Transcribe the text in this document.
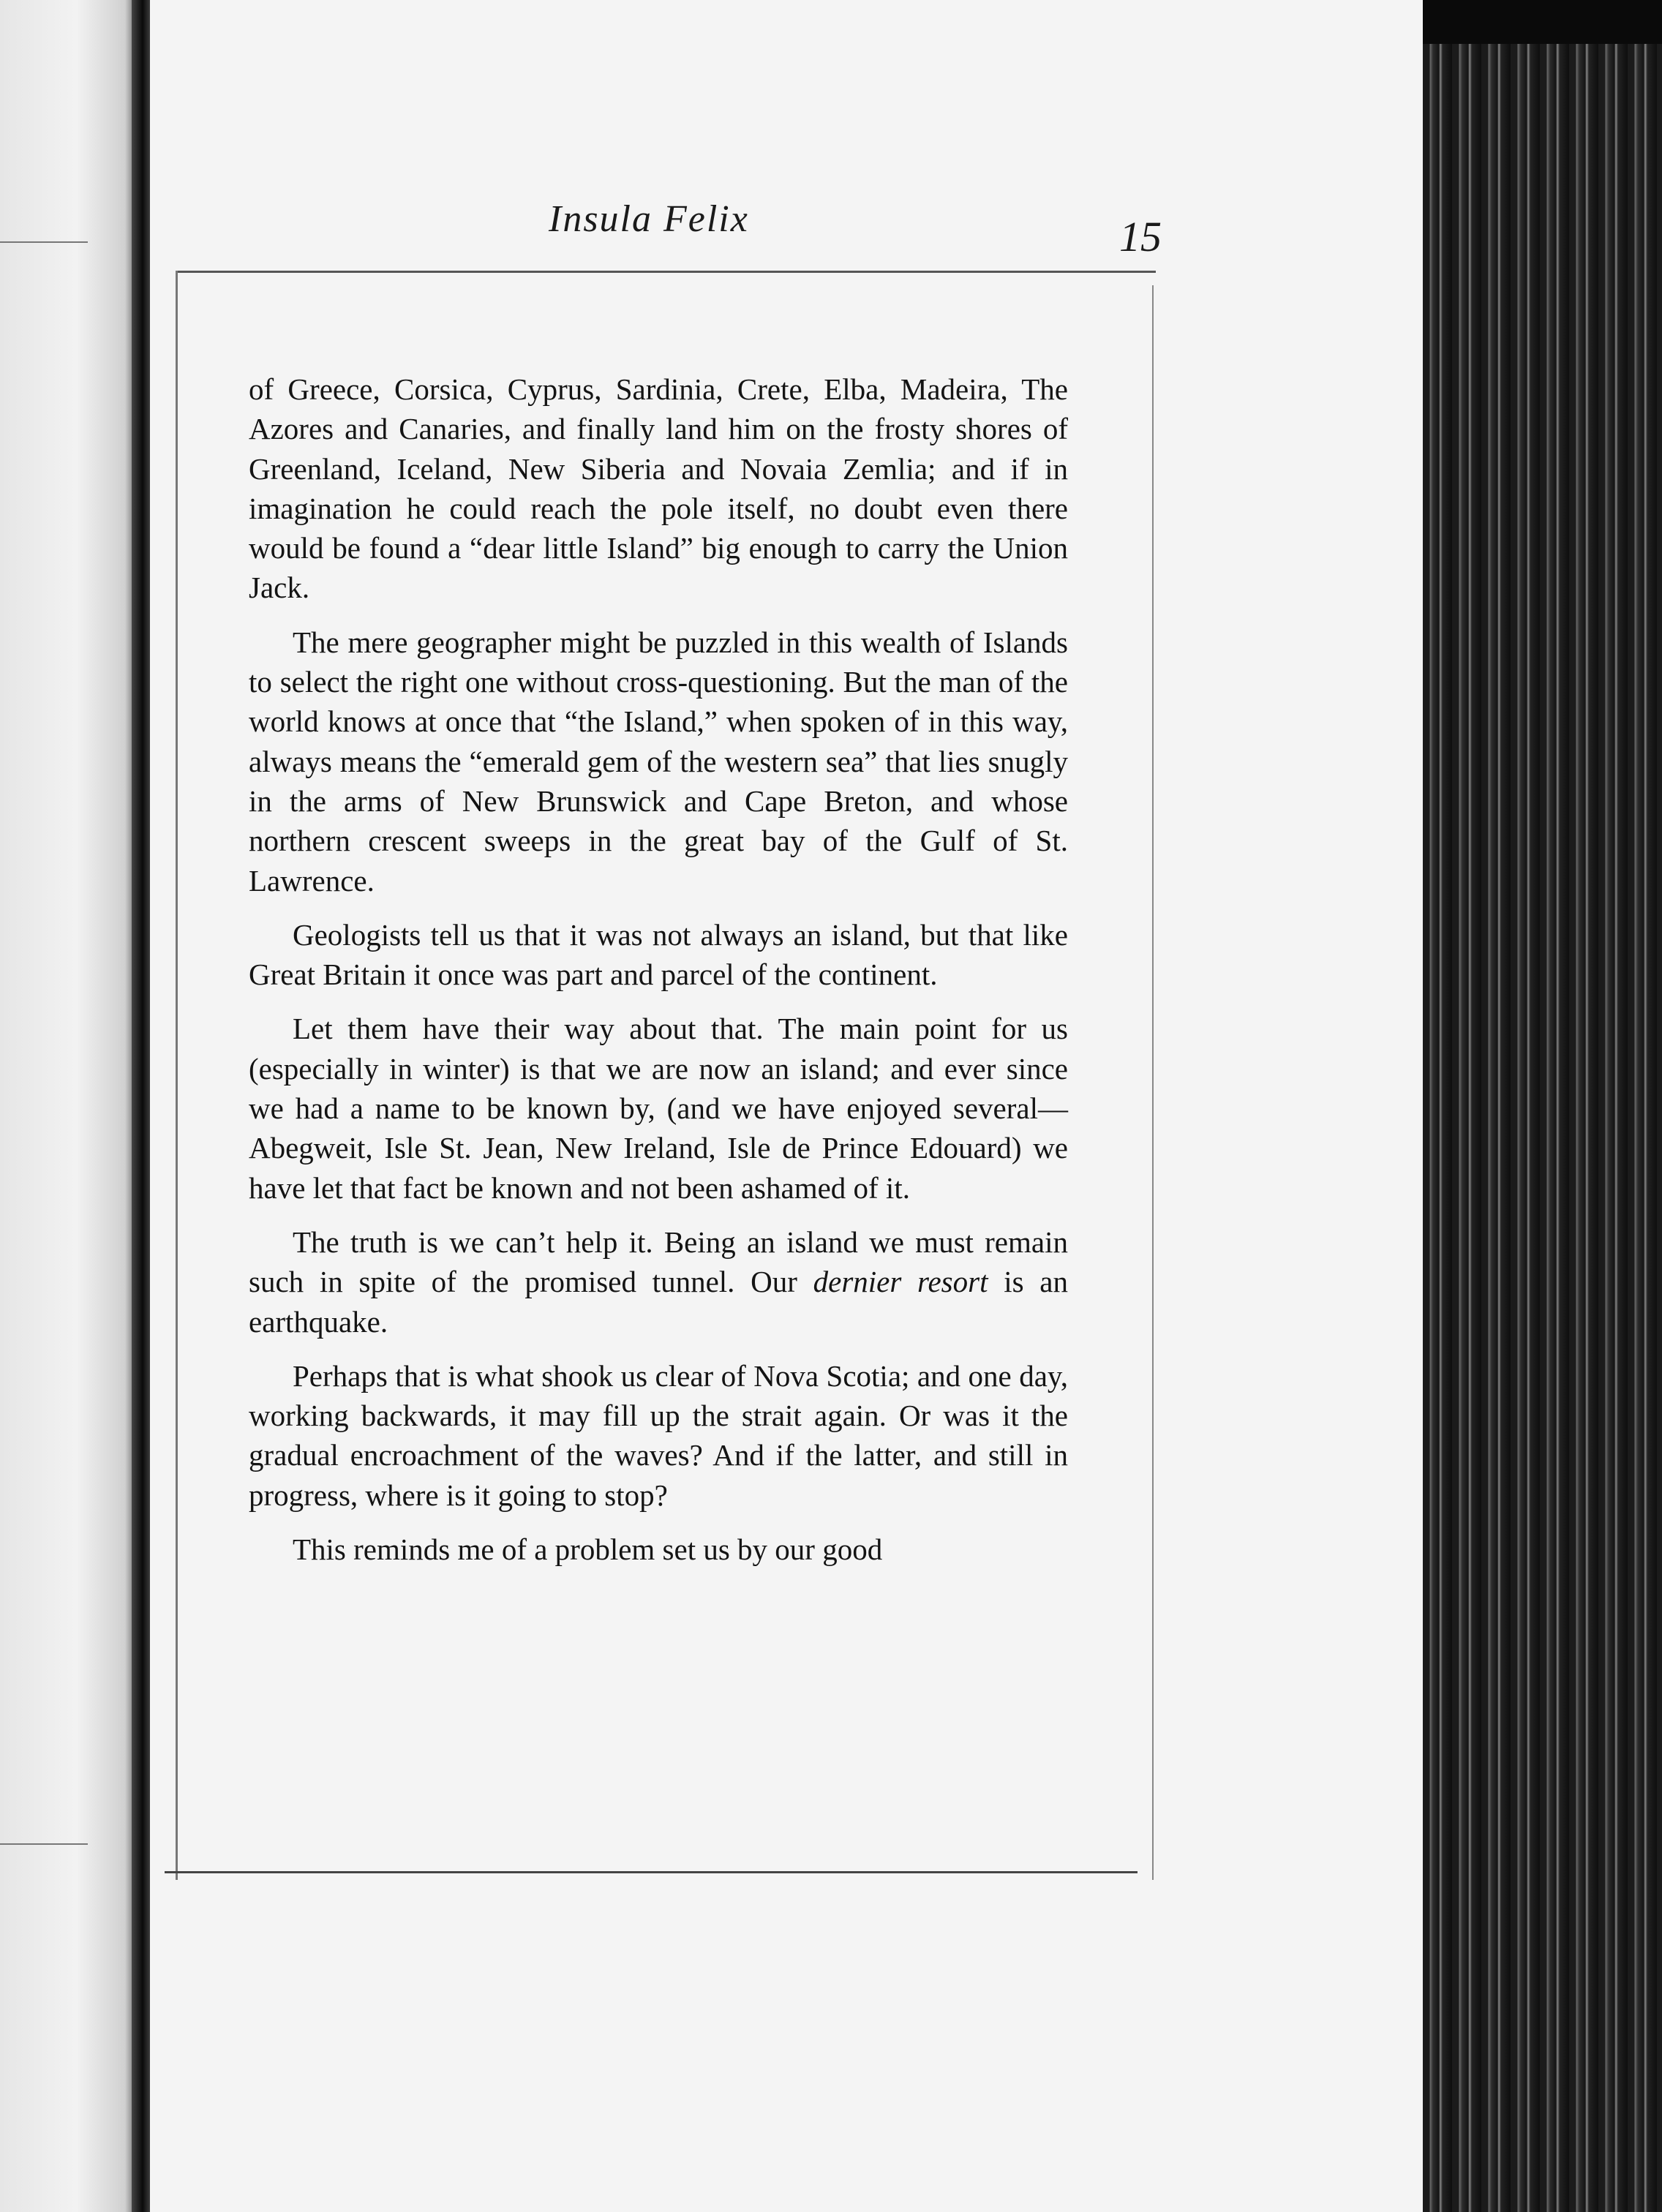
Insula Felix	15

of Greece, Corsica, Cyprus, Sardinia, Crete, Elba, Madeira, The Azores and Canaries, and finally land him on the frosty shores of Greenland, Iceland, New Siberia and Novaia Zemlia; and if in imagination he could reach the pole itself, no doubt even there would be found a “dear little Island” big enough to carry the Union Jack.

The mere geographer might be puzzled in this wealth of Islands to select the right one without cross-questioning. But the man of the world knows at once that “the Island,” when spoken of in this way, always means the “emerald gem of the western sea” that lies snugly in the arms of New Brunswick and Cape Breton, and whose northern crescent sweeps in the great bay of the Gulf of St. Lawrence.

Geologists tell us that it was not always an island, but that like Great Britain it once was part and parcel of the continent.

Let them have their way about that. The main point for us (especially in winter) is that we are now an island; and ever since we had a name to be known by, (and we have enjoyed several—Abegweit, Isle St. Jean, New Ireland, Isle de Prince Edouard) we have let that fact be known and not been ashamed of it.

The truth is we can’t help it. Being an island we must remain such in spite of the promised tunnel. Our dernier resort is an earthquake.

Perhaps that is what shook us clear of Nova Scotia; and one day, working backwards, it may fill up the strait again. Or was it the gradual encroachment of the waves? And if the latter, and still in progress, where is it going to stop?

This reminds me of a problem set us by our good
